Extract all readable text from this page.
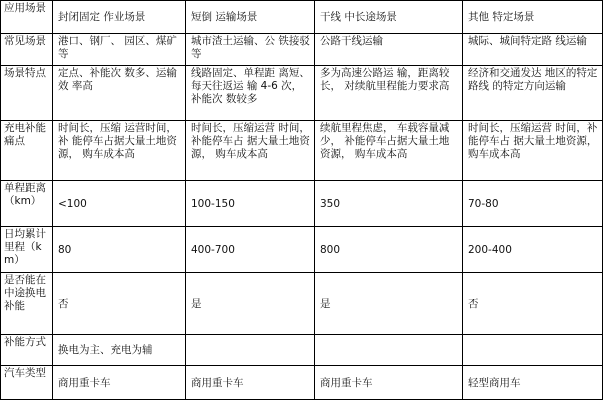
应用场景	封闭固定 作业场景	短倒 运输场景	干线 中长途场景	其他 特定场景
常见场景	港口、钢厂、 园区、煤矿等	城市渣土运输、公 铁接驳等	公路干线运输	城际、城间特定路 线运输
场景特点	定点、补能次 数多、运输效 率高	线路固定、单程距 离短、每天往返运 输 4-6 次，补能次 数较多	多为高速公路运 输，距离较长， 对续航里程能力要求高	经济和交通发达 地区的特定路线 的特定方向运输
充电补能痛点	时间长，压缩 运营时间，补 能停车占据大量土地资源， 购车成本高	时间长，压缩运营 时间，补能停车占 据大量土地资源， 购车成本高	续航里程焦虑， 车载容量减少， 补能停车占据大量土地资源， 购车成本高	时间长，压缩运营 时间，补能停车占 据大量土地资源， 购车成本高
单程距离（km）	<100	100-150	350	70-80
日均累计里程（km）	80	400-700	800	200-400
是否能在中途换电补能	否	是	是	否
补能方式	换电为主、充电为辅			
汽车类型	商用重卡车	商用重卡车	商用重卡车	轻型商用车
